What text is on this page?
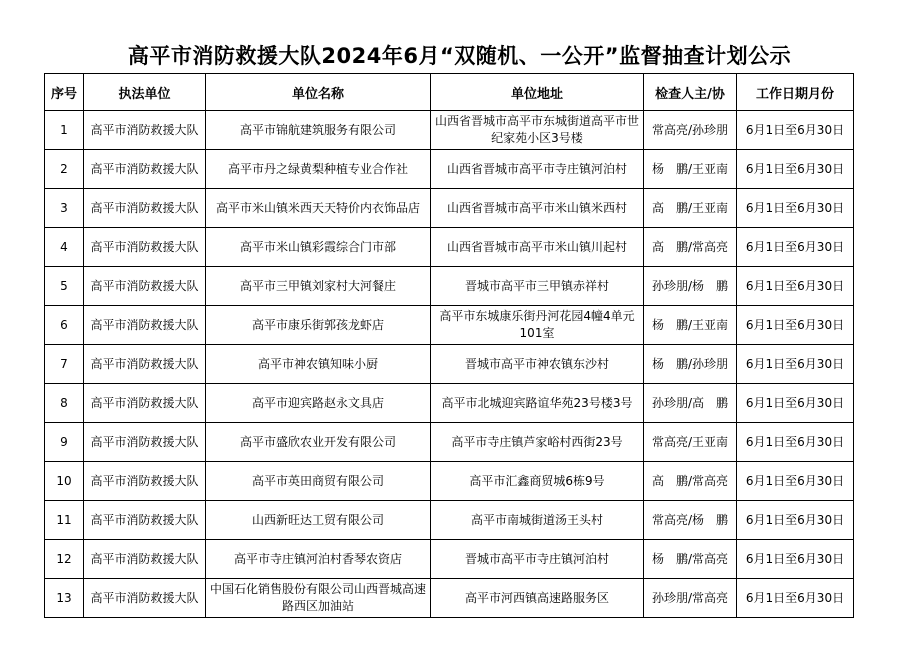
高平市消防救援大队2024年6月“双随机、一公开”监督抽查计划公示
序号	执法单位	单位名称	单位地址	检查人主/协	工作日期月份
1	高平市消防救援大队	高平市锦航建筑服务有限公司	山西省晋城市高平市东城街道高平市世纪家苑小区3号楼	常高亮/孙珍朋	6月1日至6月30日
2	高平市消防救援大队	高平市丹之绿黄梨种植专业合作社	山西省晋城市高平市寺庄镇河泊村	杨　鹏/王亚南	6月1日至6月30日
3	高平市消防救援大队	高平市米山镇米西天天特价内衣饰品店	山西省晋城市高平市米山镇米西村	高　鹏/王亚南	6月1日至6月30日
4	高平市消防救援大队	高平市米山镇彩霞综合门市部	山西省晋城市高平市米山镇川起村	高　鹏/常高亮	6月1日至6月30日
5	高平市消防救援大队	高平市三甲镇刘家村大河餐庄	晋城市高平市三甲镇赤祥村	孙珍朋/杨　鹏	6月1日至6月30日
6	高平市消防救援大队	高平市康乐街郭孩龙虾店	高平市东城康乐街丹河花园4幢4单元101室	杨　鹏/王亚南	6月1日至6月30日
7	高平市消防救援大队	高平市神农镇知味小厨	晋城市高平市神农镇东沙村	杨　鹏/孙珍朋	6月1日至6月30日
8	高平市消防救援大队	高平市迎宾路赵永文具店	高平市北城迎宾路谊华苑23号楼3号	孙珍朋/高　鹏	6月1日至6月30日
9	高平市消防救援大队	高平市盛欣农业开发有限公司	高平市寺庄镇芦家峪村西街23号	常高亮/王亚南	6月1日至6月30日
10	高平市消防救援大队	高平市英田商贸有限公司	高平市汇鑫商贸城6栋9号	高　鹏/常高亮	6月1日至6月30日
11	高平市消防救援大队	山西新旺达工贸有限公司	高平市南城街道汤王头村	常高亮/杨　鹏	6月1日至6月30日
12	高平市消防救援大队	高平市寺庄镇河泊村香琴农资店	晋城市高平市寺庄镇河泊村	杨　鹏/常高亮	6月1日至6月30日
13	高平市消防救援大队	中国石化销售股份有限公司山西晋城高速路西区加油站	高平市河西镇高速路服务区	孙珍朋/常高亮	6月1日至6月30日
